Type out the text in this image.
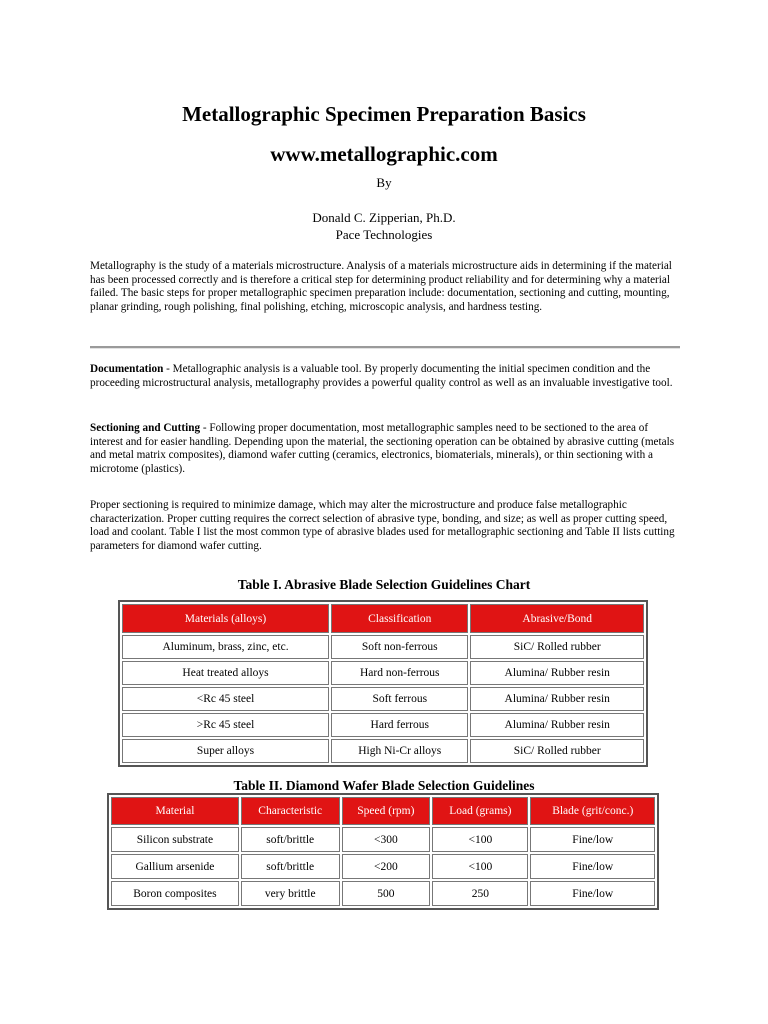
Metallographic Specimen Preparation Basics
www.metallographic.com
By
Donald C. Zipperian, Ph.D.
Pace Technologies
Metallography is the study of a materials microstructure. Analysis of a materials microstructure aids in determining if the material has been processed correctly and is therefore a critical step for determining product reliability and for determining why a material failed. The basic steps for proper metallographic specimen preparation include: documentation, sectioning and cutting, mounting, planar grinding, rough polishing, final polishing, etching, microscopic analysis, and hardness testing.
Documentation - Metallographic analysis is a valuable tool. By properly documenting the initial specimen condition and the proceeding microstructural analysis, metallography provides a powerful quality control as well as an invaluable investigative tool.
Sectioning and Cutting - Following proper documentation, most metallographic samples need to be sectioned to the area of interest and for easier handling. Depending upon the material, the sectioning operation can be obtained by abrasive cutting (metals and metal matrix composites), diamond wafer cutting (ceramics, electronics, biomaterials, minerals), or thin sectioning with a microtome (plastics).
Proper sectioning is required to minimize damage, which may alter the microstructure and produce false metallographic characterization. Proper cutting requires the correct selection of abrasive type, bonding, and size; as well as proper cutting speed, load and coolant. Table I list the most common type of abrasive blades used for metallographic sectioning and Table II lists cutting parameters for diamond wafer cutting.
Table I. Abrasive Blade Selection Guidelines Chart
Materials (alloys)	Classification	Abrasive/Bond
Aluminum, brass, zinc, etc.	Soft non-ferrous	SiC/ Rolled rubber
Heat treated alloys	Hard non-ferrous	Alumina/ Rubber resin
<Rc 45 steel	Soft ferrous	Alumina/ Rubber resin
>Rc 45 steel	Hard ferrous	Alumina/ Rubber resin
Super alloys	High Ni-Cr alloys	SiC/ Rolled rubber
Table II. Diamond Wafer Blade Selection Guidelines
Material	Characteristic	Speed (rpm)	Load (grams)	Blade (grit/conc.)
Silicon substrate	soft/brittle	<300	<100	Fine/low
Gallium arsenide	soft/brittle	<200	<100	Fine/low
Boron composites	very brittle	500	250	Fine/low
